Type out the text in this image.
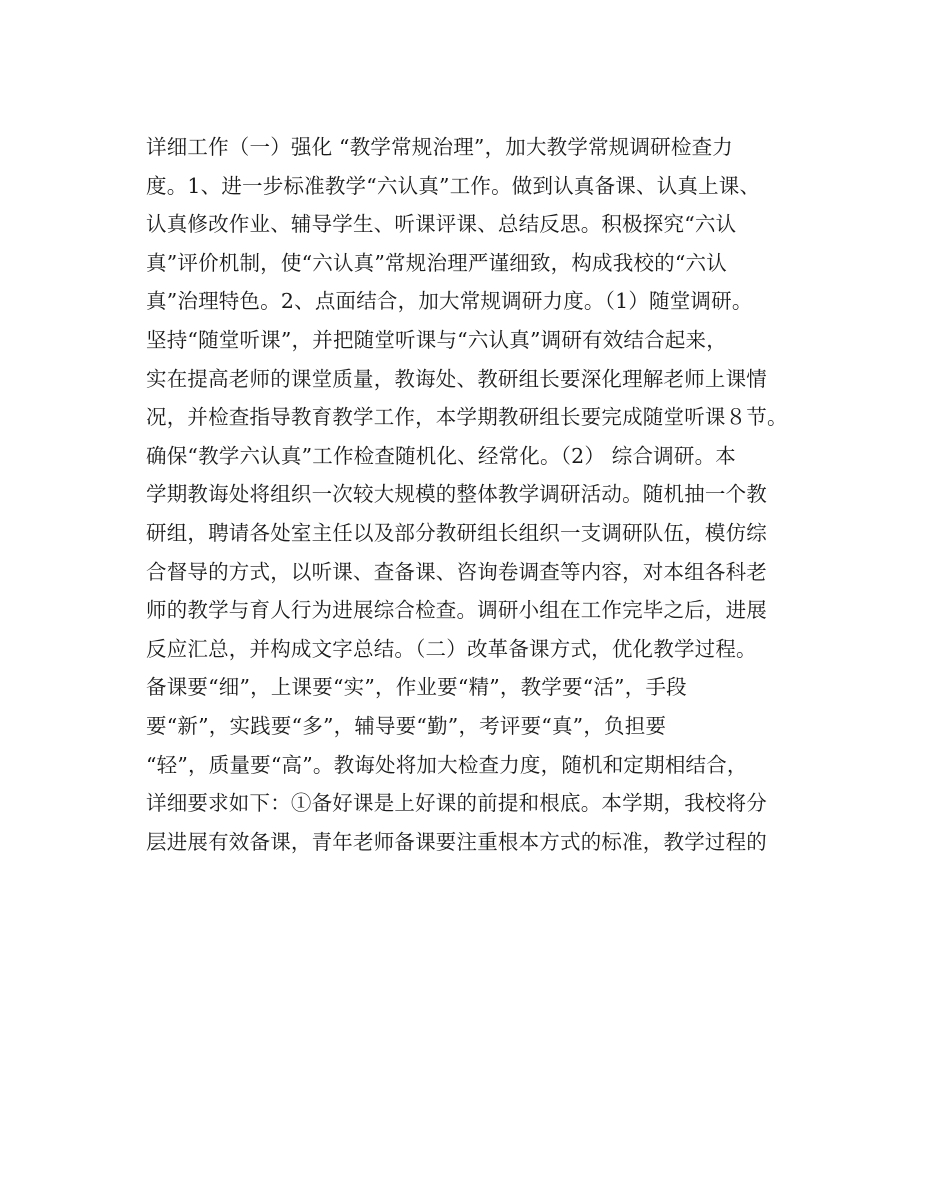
详细工作（一）强化 “教学常规治理”，加大教学常规调研检查力
度。1、进一步标准教学“六认真”工作。做到认真备课、认真上课、
认真修改作业、辅导学生、听课评课、总结反思。积极探究“六认
真”评价机制，使“六认真”常规治理严谨细致，构成我校的“六认
真”治理特色。2、点面结合，加大常规调研力度。（1）随堂调研。
坚持“随堂听课”，并把随堂听课与“六认真”调研有效结合起来，
实在提高老师的课堂质量，教诲处、教研组长要深化理解老师上课情
况，并检查指导教育教学工作，本学期教研组长要完成随堂听课８节。
确保“教学六认真”工作检查随机化、经常化。（2） 综合调研。本
学期教诲处将组织一次较大规模的整体教学调研活动。随机抽一个教
研组，聘请各处室主任以及部分教研组长组织一支调研队伍，模仿综
合督导的方式，以听课、查备课、咨询卷调查等内容，对本组各科老
师的教学与育人行为进展综合检查。调研小组在工作完毕之后，进展
反应汇总，并构成文字总结。（二）改革备课方式，优化教学过程。
备课要“细”，上课要“实”，作业要“精”，教学要“活”，手段
要“新”，实践要“多”，辅导要“勤”，考评要“真”，负担要
“轻”，质量要“高”。教诲处将加大检查力度，随机和定期相结合，
详细要求如下：①备好课是上好课的前提和根底。本学期，我校将分
层进展有效备课，青年老师备课要注重根本方式的标准，教学过程的
